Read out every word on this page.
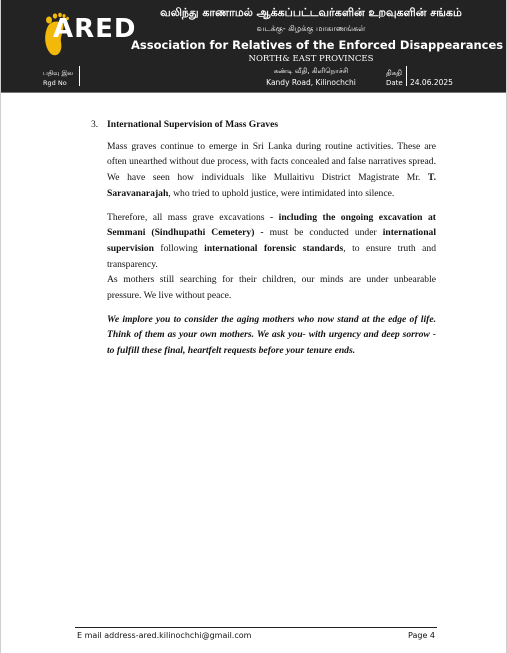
ARED
வலிந்து காணாமல் ஆக்கப்பட்டவர்களின் உறவுகளின் சங்கம்
வடக்கு- கிழக்கு மாகாணங்கள்
Association for Relatives of the Enforced Disappearances
NORTH& EAST PROVINCES
கண்டி வீதி, கிளிநொச்சி
Kandy Road, Kilinochchi
பதிவு இல
Rgd No
திகதி
Date 24.06.2025
3. International Supervision of Mass Graves

Mass graves continue to emerge in Sri Lanka during routine activities. These are often unearthed without due process, with facts concealed and false narratives spread. We have seen how individuals like Mullaitivu District Magistrate Mr. T. Saravanarajah, who tried to uphold justice, were intimidated into silence.

Therefore, all mass grave excavations - including the ongoing excavation at Semmani (Sindhupathi Cemetery) - must be conducted under international supervision following international forensic standards, to ensure truth and transparency.

As mothers still searching for their children, our minds are under unbearable pressure. We live without peace.

We implore you to consider the aging mothers who now stand at the edge of life. Think of them as your own mothers. We ask you- with urgency and deep sorrow - to fulfill these final, heartfelt requests before your tenure ends.

E mail address-ared.kilinochchi@gmail.com	Page 4
